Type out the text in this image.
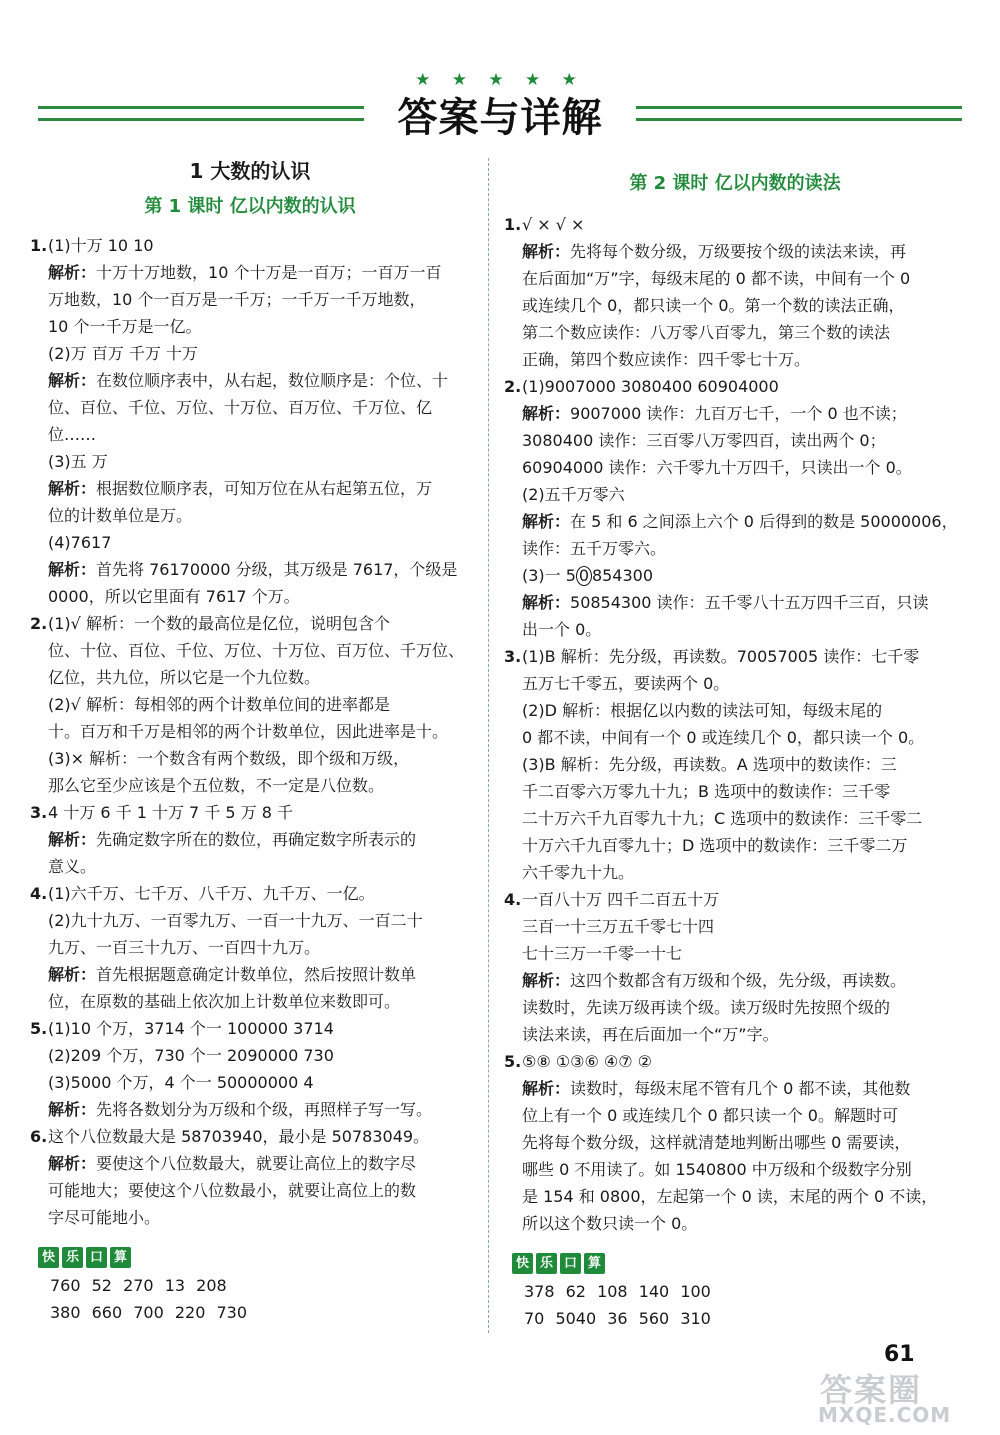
★ ★ ★ ★ ★
答案与详解
1 大数的认识
第 1 课时 亿以内数的认识
1. (1)十万 10 10
解析：十万十万地数，10 个十万是一百万；一百万一百
万地数，10 个一百万是一千万；一千万一千万地数，
10 个一千万是一亿。
(2)万 百万 千万 十万
解析：在数位顺序表中，从右起，数位顺序是：个位、十
位、百位、千位、万位、十万位、百万位、千万位、亿位……
(3)五 万
解析：根据数位顺序表，可知万位在从右起第五位，万
位的计数单位是万。
(4)7617
解析：首先将 76170000 分级，其万级是 7617，个级是
0000，所以它里面有 7617 个万。
2. (1)√ 解析：一个数的最高位是亿位，说明包含个
位、十位、百位、千位、万位、十万位、百万位、千万位、
亿位，共九位，所以它是一个九位数。
(2)√ 解析：每相邻的两个计数单位间的进率都是
十。百万和千万是相邻的两个计数单位，因此进率是十。
(3)× 解析：一个数含有两个数级，即个级和万级，
那么它至少应该是个五位数，不一定是八位数。
3. 4 十万 6 千 1 十万 7 千 5 万 8 千
解析：先确定数字所在的数位，再确定数字所表示的
意义。
4. (1)六千万、七千万、八千万、九千万、一亿。
(2)九十九万、一百零九万、一百一十九万、一百二十
九万、一百三十九万、一百四十九万。
解析：首先根据题意确定计数单位，然后按照计数单
位，在原数的基础上依次加上计数单位来数即可。
5. (1)10 个万，3714 个一 100000 3714
(2)209 个万，730 个一 2090000 730
(3)5000 个万，4 个一 50000000 4
解析：先将各数划分为万级和个级，再照样子写一写。
6. 这个八位数最大是 58703940，最小是 50783049。
解析：要使这个八位数最大，就要让高位上的数字尽
可能地大；要使这个八位数最小，就要让高位上的数
字尽可能地小。
快 乐 口 算
760 52 270 13 208
380 660 700 220 730
第 2 课时 亿以内数的读法
1. √ × √ ×
解析：先将每个数分级，万级要按个级的读法来读，再
在后面加“万”字，每级末尾的 0 都不读，中间有一个 0
或连续几个 0，都只读一个 0。第一个数的读法正确，
第二个数应读作：八万零八百零九，第三个数的读法
正确，第四个数应读作：四千零七十万。
2. (1)9007000 3080400 60904000
解析：9007000 读作：九百万七千，一个 0 也不读；
3080400 读作：三百零八万零四百，读出两个 0；
60904000 读作：六千零九十万四千，只读出一个 0。
(2)五千万零六
解析：在 5 和 6 之间添上六个 0 后得到的数是 50000006，
读作：五千万零六。
(3)一 5 0 854300
解析：50854300 读作：五千零八十五万四千三百，只读
出一个 0。
3. (1)B 解析：先分级，再读数。70057005 读作：七千零
五万七千零五，要读两个 0。
(2)D 解析：根据亿以内数的读法可知，每级末尾的
0 都不读，中间有一个 0 或连续几个 0，都只读一个 0。
(3)B 解析：先分级，再读数。A 选项中的数读作：三
千二百零六万零九十九；B 选项中的数读作：三千零
二十万六千九百零九十九；C 选项中的数读作：三千零二
十万六千九百零九十；D 选项中的数读作：三千零二万
六千零九十九。
4. 一百八十万 四千二百五十万
三百一十三万五千零七十四
七十三万一千零一十七
解析：这四个数都含有万级和个级，先分级，再读数。
读数时，先读万级再读个级。读万级时先按照个级的
读法来读，再在后面加一个“万”字。
5. ⑤⑧ ①③⑥ ④⑦ ②
解析：读数时，每级末尾不管有几个 0 都不读，其他数
位上有一个 0 或连续几个 0 都只读一个 0。解题时可
先将每个数分级，这样就清楚地判断出哪些 0 需要读，
哪些 0 不用读了。如 1540800 中万级和个级数字分别
是 154 和 0800，左起第一个 0 读，末尾的两个 0 不读，
所以这个数只读一个 0。
快 乐 口 算
378 62 108 140 100
70 5040 36 560 310
61
答案圈
MXQE.COM
